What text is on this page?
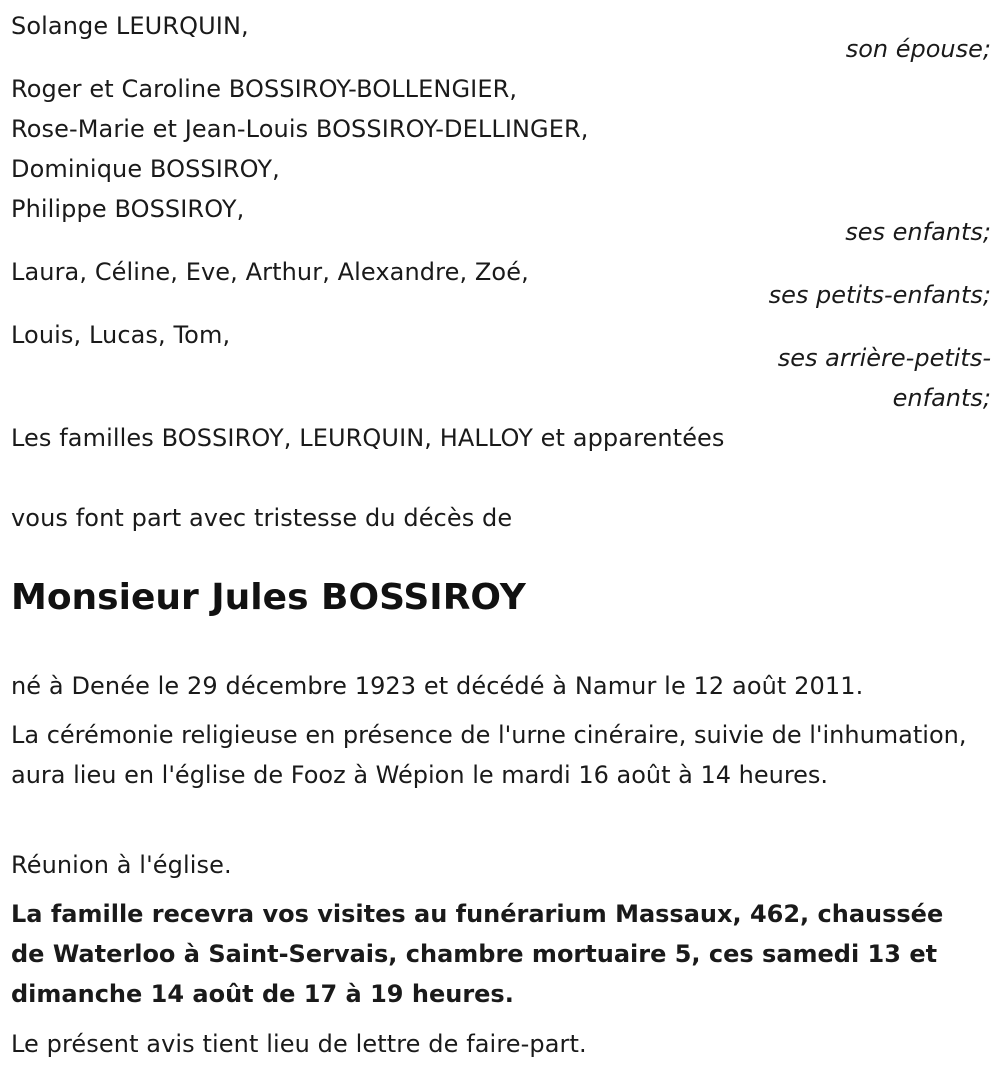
Solange LEURQUIN,
son épouse;
Roger et Caroline BOSSIROY-BOLLENGIER,
Rose-Marie et Jean-Louis BOSSIROY-DELLINGER,
Dominique BOSSIROY,
Philippe BOSSIROY,
ses enfants;
Laura, Céline, Eve, Arthur, Alexandre, Zoé,
ses petits-enfants;
Louis, Lucas, Tom,
ses arrière-petits-
enfants;
Les familles BOSSIROY, LEURQUIN, HALLOY et apparentées
vous font part avec tristesse du décès de
Monsieur Jules BOSSIROY
né à Denée le 29 décembre 1923 et décédé à Namur le 12 août 2011.
La cérémonie religieuse en présence de l'urne cinéraire, suivie de l'inhumation, aura lieu en l'église de Fooz à Wépion le mardi 16 août à 14 heures.
Réunion à l'église.
La famille recevra vos visites au funérarium Massaux, 462, chaussée de Waterloo à Saint-Servais, chambre mortuaire 5, ces samedi 13 et dimanche 14 août de 17 à 19 heures.
Le présent avis tient lieu de lettre de faire-part.
